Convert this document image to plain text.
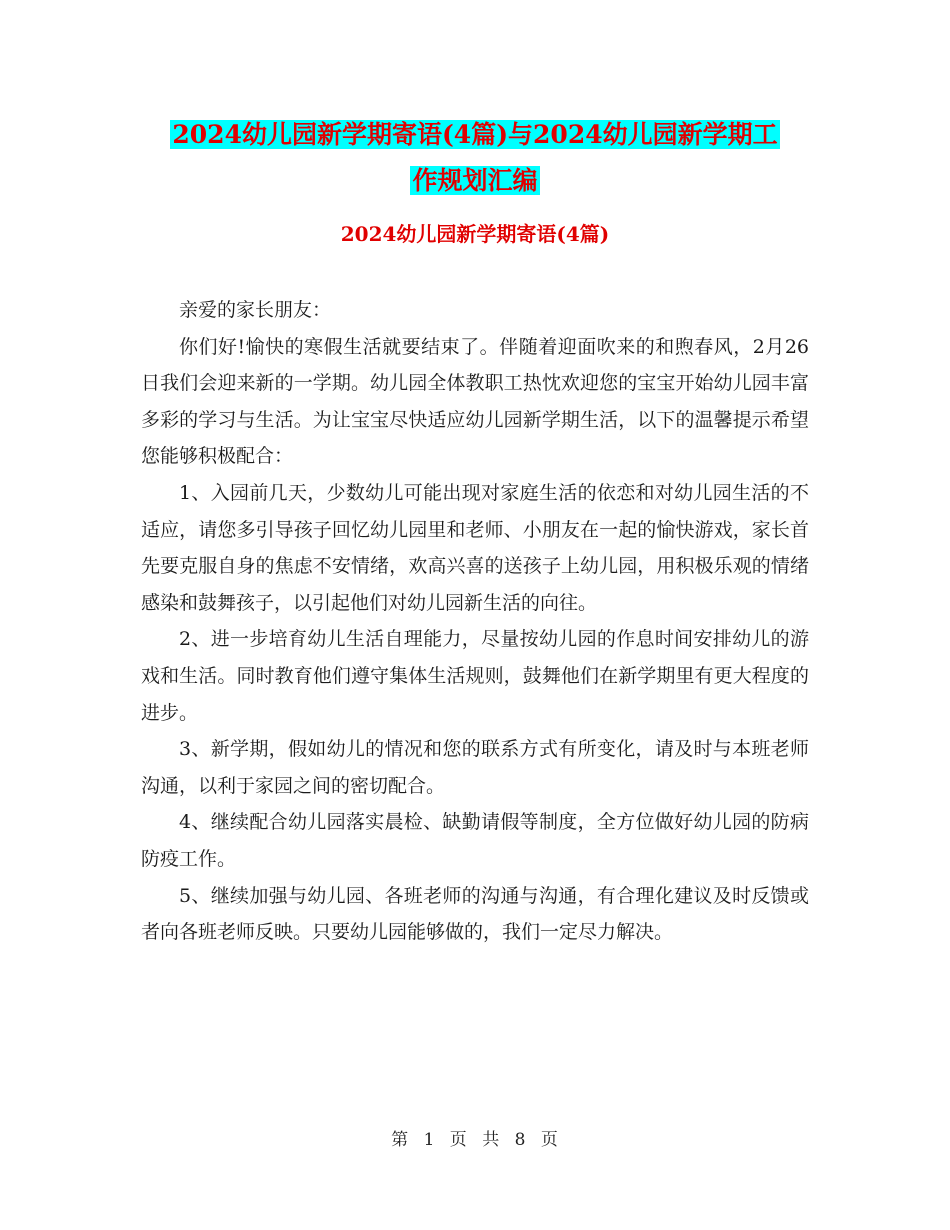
2024幼儿园新学期寄语(4篇)与2024幼儿园新学期工
作规划汇编
2024幼儿园新学期寄语(4篇)

亲爱的家长朋友：

你们好!愉快的寒假生活就要结束了。伴随着迎面吹来的和煦春风，2月26日我们会迎来新的一学期。幼儿园全体教职工热忱欢迎您的宝宝开始幼儿园丰富多彩的学习与生活。为让宝宝尽快适应幼儿园新学期生活，以下的温馨提示希望您能够积极配合：

1、入园前几天，少数幼儿可能出现对家庭生活的依恋和对幼儿园生活的不适应，请您多引导孩子回忆幼儿园里和老师、小朋友在一起的愉快游戏，家长首先要克服自身的焦虑不安情绪，欢高兴喜的送孩子上幼儿园，用积极乐观的情绪感染和鼓舞孩子，以引起他们对幼儿园新生活的向往。

2、进一步培育幼儿生活自理能力，尽量按幼儿园的作息时间安排幼儿的游戏和生活。同时教育他们遵守集体生活规则，鼓舞他们在新学期里有更大程度的进步。

3、新学期，假如幼儿的情况和您的联系方式有所变化，请及时与本班老师沟通，以利于家园之间的密切配合。

4、继续配合幼儿园落实晨检、缺勤请假等制度，全方位做好幼儿园的防病防疫工作。

5、继续加强与幼儿园、各班老师的沟通与沟通，有合理化建议及时反馈或者向各班老师反映。只要幼儿园能够做的，我们一定尽力解决。

第 1 页 共 8 页
